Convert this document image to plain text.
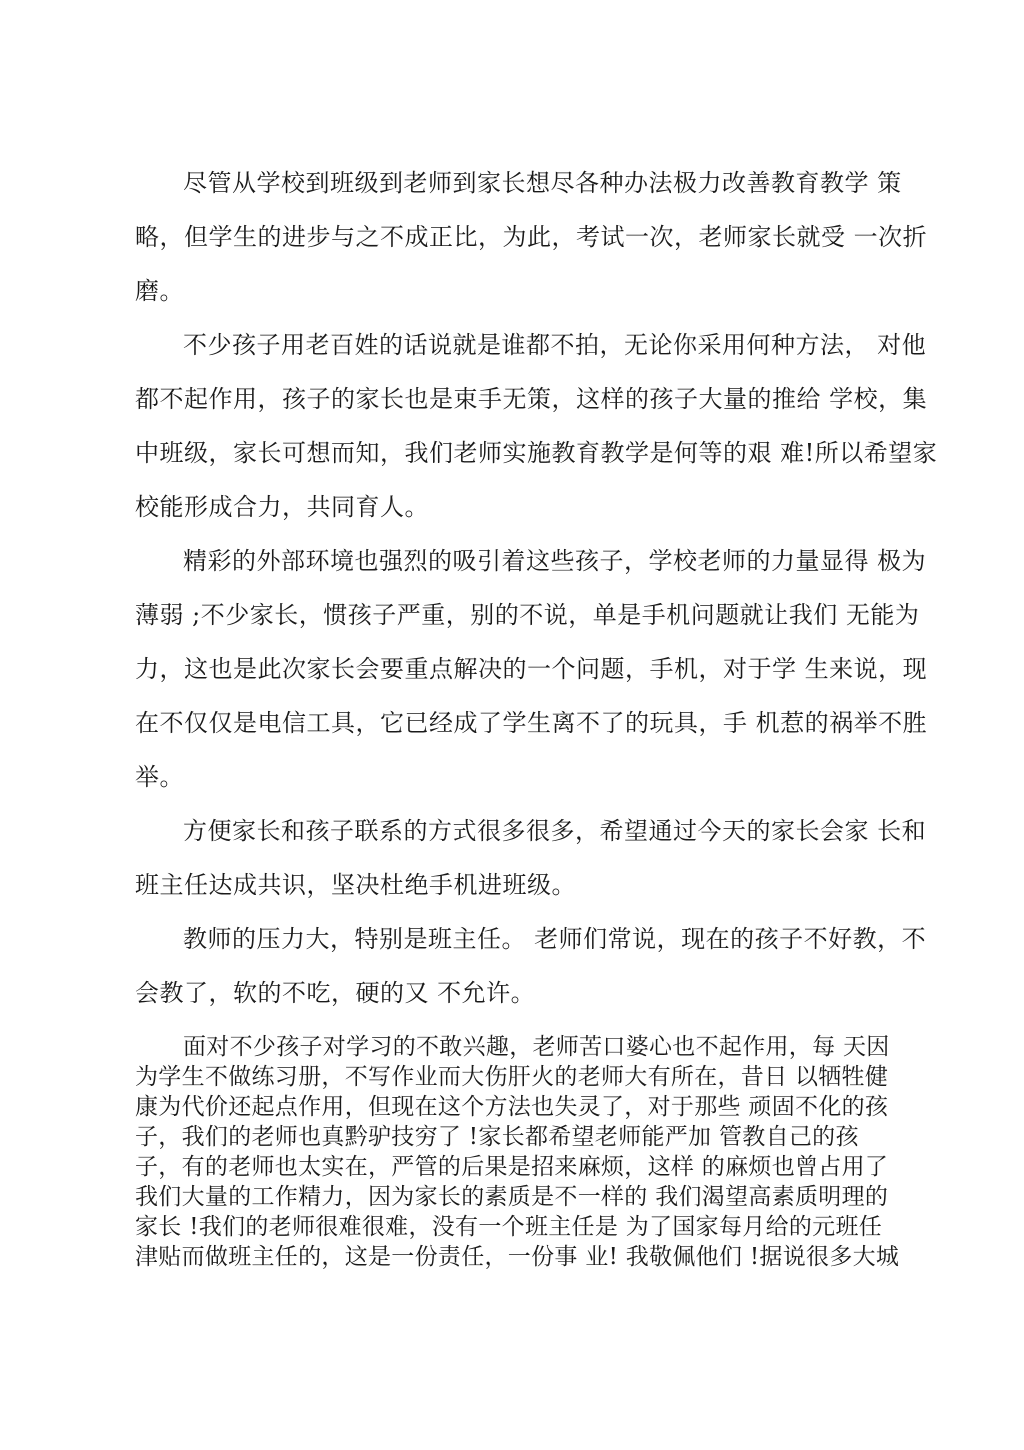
尽管从学校到班级到老师到家长想尽各种办法极力改善教育教学 策
略，但学生的进步与之不成正比，为此，考试一次，老师家长就受 一次折
磨。
不少孩子用老百姓的话说就是谁都不拍，无论你采用何种方法， 对他
都不起作用，孩子的家长也是束手无策，这样的孩子大量的推给 学校，集
中班级，家长可想而知，我们老师实施教育教学是何等的艰 难!所以希望家
校能形成合力，共同育人。
精彩的外部环境也强烈的吸引着这些孩子，学校老师的力量显得 极为
薄弱 ;不少家长，惯孩子严重，别的不说，单是手机问题就让我们 无能为
力，这也是此次家长会要重点解决的一个问题，手机，对于学 生来说，现
在不仅仅是电信工具，它已经成了学生离不了的玩具，手 机惹的祸举不胜
举。
方便家长和孩子联系的方式很多很多，希望通过今天的家长会家 长和
班主任达成共识，坚决杜绝手机进班级。
教师的压力大，特别是班主任。 老师们常说，现在的孩子不好教，不
会教了，软的不吃，硬的又 不允许。
面对不少孩子对学习的不敢兴趣，老师苦口婆心也不起作用，每 天因
为学生不做练习册，不写作业而大伤肝火的老师大有所在，昔日 以牺牲健
康为代价还起点作用，但现在这个方法也失灵了，对于那些 顽固不化的孩
子，我们的老师也真黔驴技穷了 !家长都希望老师能严加 管教自己的孩
子，有的老师也太实在，严管的后果是招来麻烦，这样 的麻烦也曾占用了
我们大量的工作精力，因为家长的素质是不一样的 我们渴望高素质明理的
家长 !我们的老师很难很难，没有一个班主任是 为了国家每月给的元班任
津贴而做班主任的，这是一份责任，一份事 业! 我敬佩他们 !据说很多大城
